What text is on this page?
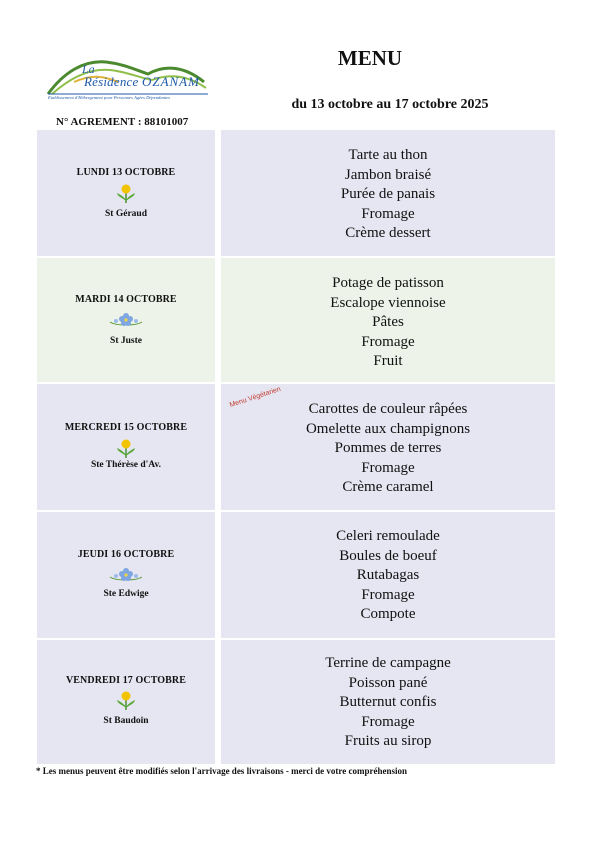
La
Résidence OZANAM
Etablissement d'Hébergement pour Personnes Agées Dépendantes
N° AGREMENT : 88101007
MENU
du 13 octobre au 17 octobre 2025
LUNDI 13 OCTOBRE
St Géraud
Tarte au thon
Jambon braisé
Purée de panais
Fromage
Crème dessert
MARDI 14 OCTOBRE
St Juste
Potage de patisson
Escalope viennoise
Pâtes
Fromage
Fruit
MERCREDI 15 OCTOBRE
Ste Thérèse d'Av.
Menu Végétarien	Carottes de couleur râpées
Omelette aux champignons
Pommes de terres
Fromage
Crème caramel
JEUDI 16 OCTOBRE
Ste Edwige
Celeri remoulade
Boules de boeuf
Rutabagas
Fromage
Compote
VENDREDI 17 OCTOBRE
St Baudoin
Terrine de campagne
Poisson pané
Butternut confis
Fromage
Fruits au sirop
* Les menus peuvent être modifiés selon l'arrivage des livraisons - merci de votre compréhension
